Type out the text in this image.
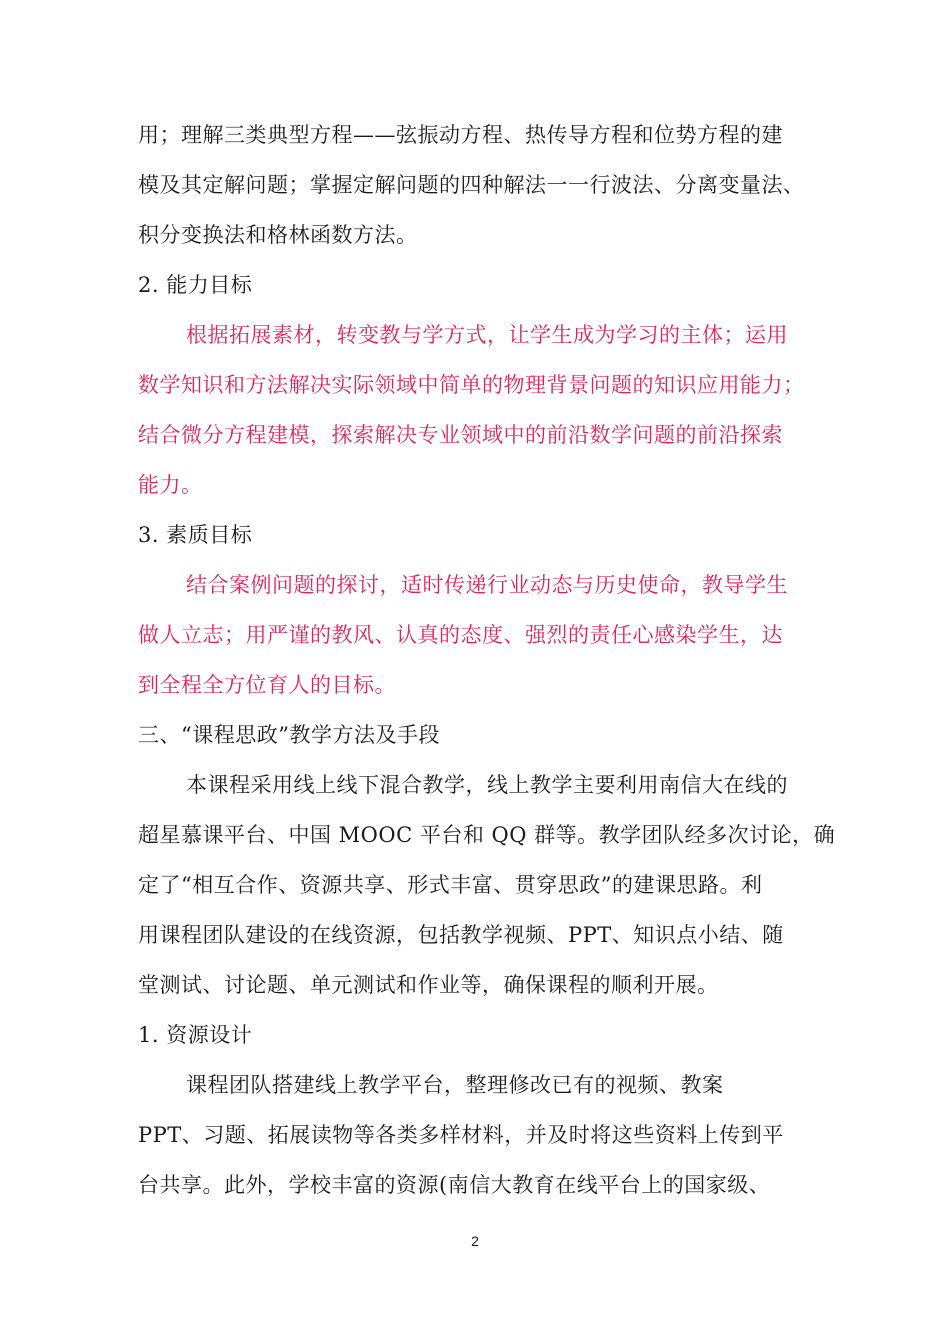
用；理解三类典型方程——弦振动方程、热传导方程和位势方程的建
模及其定解问题；掌握定解问题的四种解法一一行波法、分离变量法、
积分变换法和格林函数方法。
2. 能力目标
根据拓展素材，转变教与学方式，让学生成为学习的主体；运用
数学知识和方法解决实际领域中简单的物理背景问题的知识应用能力；
结合微分方程建模，探索解决专业领域中的前沿数学问题的前沿探索
能力。
3. 素质目标
结合案例问题的探讨，适时传递行业动态与历史使命，教导学生
做人立志；用严谨的教风、认真的态度、强烈的责任心感染学生，达
到全程全方位育人的目标。
三、“课程思政”教学方法及手段
本课程采用线上线下混合教学，线上教学主要利用南信大在线的
超星慕课平台、中国 MOOC 平台和 QQ 群等。教学团队经多次讨论，确
定了“相互合作、资源共享、形式丰富、贯穿思政”的建课思路。利
用课程团队建设的在线资源，包括教学视频、PPT、知识点小结、随
堂测试、讨论题、单元测试和作业等，确保课程的顺利开展。
1. 资源设计
课程团队搭建线上教学平台，整理修改已有的视频、教案
PPT、习题、拓展读物等各类多样材料，并及时将这些资料上传到平
台共享。此外，学校丰富的资源(南信大教育在线平台上的国家级、
2
